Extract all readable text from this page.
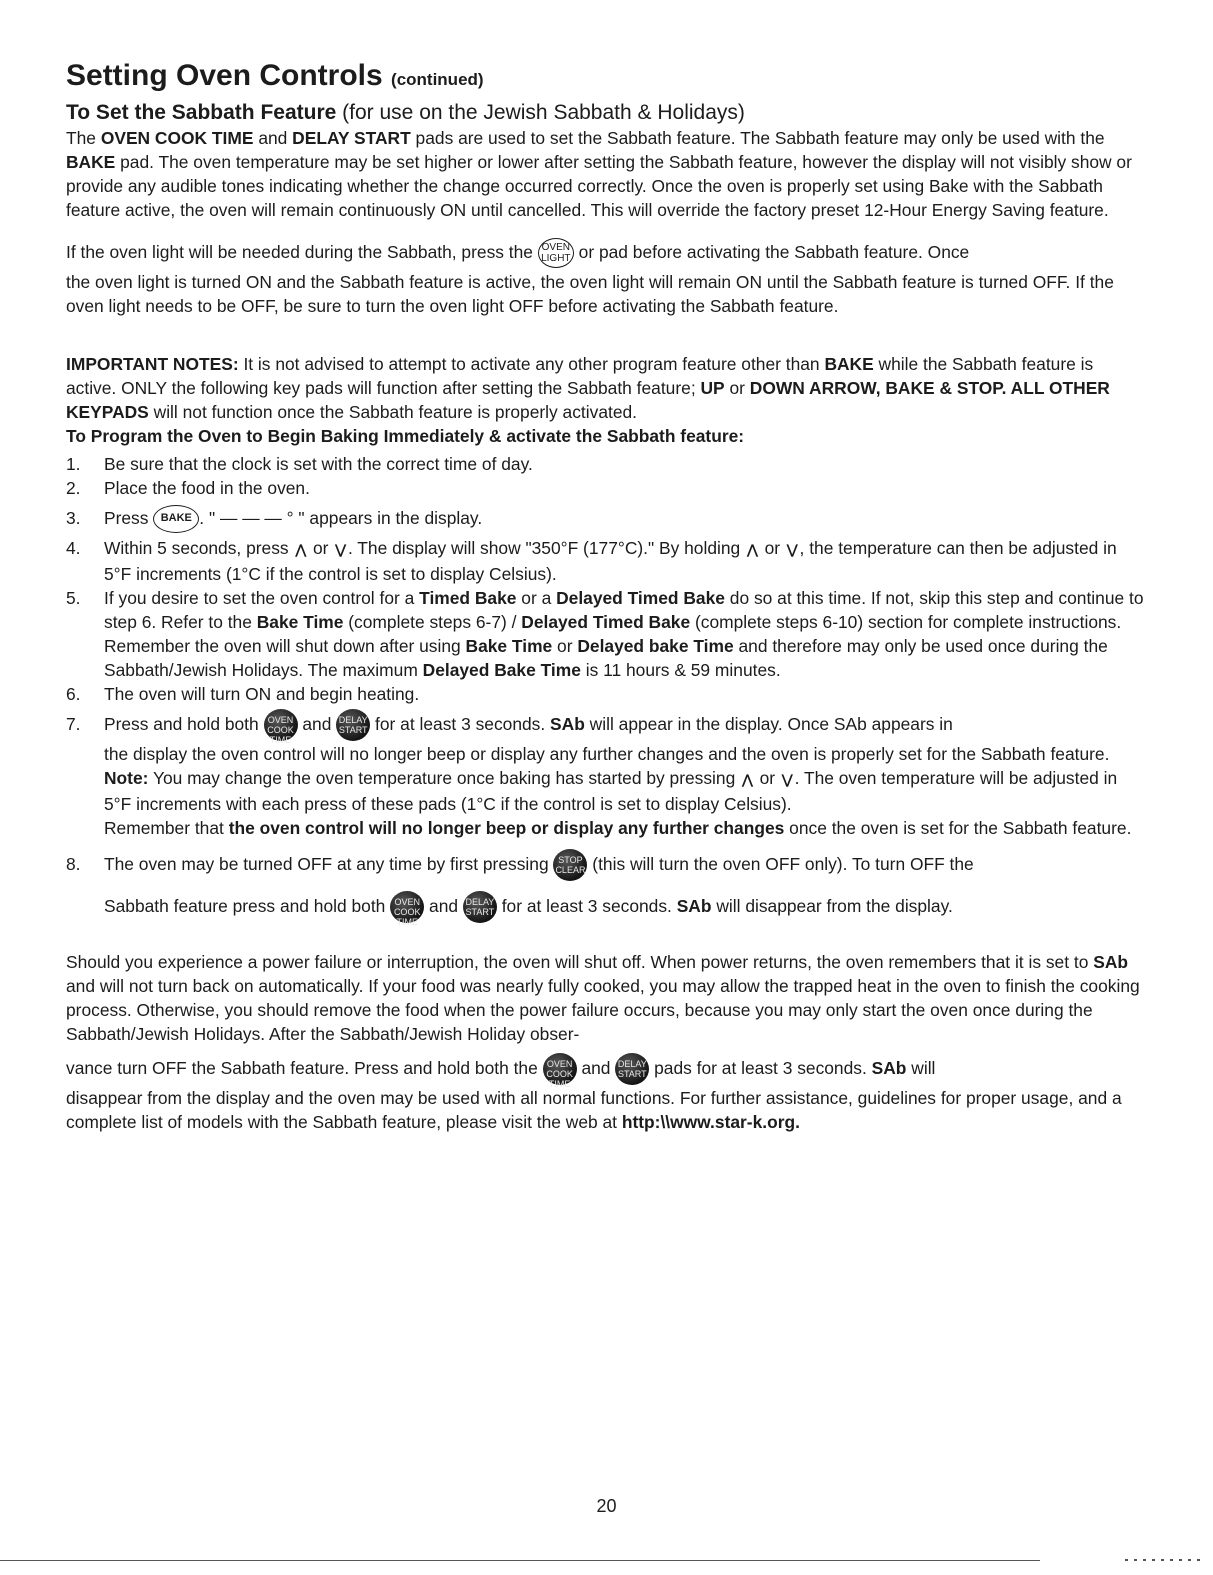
Setting Oven Controls (continued)
To Set the Sabbath Feature (for use on the Jewish Sabbath & Holidays)

The OVEN COOK TIME and DELAY START pads are used to set the Sabbath feature. The Sabbath feature may only be used with the BAKE pad. The oven temperature may be set higher or lower after setting the Sabbath feature, however the display will not visibly show or provide any audible tones indicating whether the change occurred correctly. Once the oven is properly set using Bake with the Sabbath feature active, the oven will remain continuously ON until cancelled. This will override the factory preset 12-Hour Energy Saving feature.

If the oven light will be needed during the Sabbath, press the OVEN
LIGHT or pad before activating the Sabbath feature. Once

the oven light is turned ON and the Sabbath feature is active, the oven light will remain ON until the Sabbath feature is turned OFF. If the oven light needs to be OFF, be sure to turn the oven light OFF before activating the Sabbath feature.

IMPORTANT NOTES: It is not advised to attempt to activate any other program feature other than BAKE while the Sabbath feature is active. ONLY the following key pads will function after setting the Sabbath feature; UP or DOWN ARROW, BAKE & STOP. ALL OTHER KEYPADS will not function once the Sabbath feature is properly activated.

To Program the Oven to Begin Baking Immediately & activate the Sabbath feature:
1. Be sure that the clock is set with the correct time of day.
2. Place the food in the oven.
3. Press BAKE . " — — — ° " appears in the display.
4. Within 5 seconds, press ⋀ or ⋁ . The display will show "350°F (177°C)." By holding ⋀ or ⋁ , the temperature can then be adjusted in 5°F increments (1°C if the control is set to display Celsius).
5. If you desire to set the oven control for a Timed Bake or a Delayed Timed Bake do so at this time. If not, skip this step and continue to step 6. Refer to the Bake Time (complete steps 6-7) / Delayed Timed Bake (complete steps 6-10) section for complete instructions. Remember the oven will shut down after using Bake Time or Delayed bake Time and therefore may only be used once during the Sabbath/Jewish Holidays. The maximum Delayed Bake Time is 11 hours & 59 minutes.
6. The oven will turn ON and begin heating.
7. Press and hold both OVEN COOK
TIME and DELAY
START for at least 3 seconds. SAb will appear in the display. Once SAb appears in
the display the oven control will no longer beep or display any further changes and the oven is properly set for the Sabbath feature.
Note: You may change the oven temperature once baking has started by pressing ⋀ or ⋁ . The oven temperature will be adjusted in 5°F increments with each press of these pads (1°C if the control is set to display Celsius).
Remember that the oven control will no longer beep or display any further changes once the oven is set for the Sabbath feature.
8. The oven may be turned OFF at any time by first pressing STOP
CLEAR (this will turn the oven OFF only). To turn OFF the
Sabbath feature press and hold both OVEN COOK
TIME and DELAY
START for at least 3 seconds. SAb will disappear from the display.

Should you experience a power failure or interruption, the oven will shut off. When power returns, the oven remembers that it is set to SAb and will not turn back on automatically. If your food was nearly fully cooked, you may allow the trapped heat in the oven to finish the cooking process. Otherwise, you should remove the food when the power failure occurs, because you may only start the oven once during the Sabbath/Jewish Holidays. After the Sabbath/Jewish Holiday obser-

vance turn OFF the Sabbath feature. Press and hold both the OVEN COOK
TIME and DELAY
START pads for at least 3 seconds. SAb will

disappear from the display and the oven may be used with all normal functions. For further assistance, guidelines for proper usage, and a complete list of models with the Sabbath feature, please visit the web at http:\\www.star-k.org.

20
